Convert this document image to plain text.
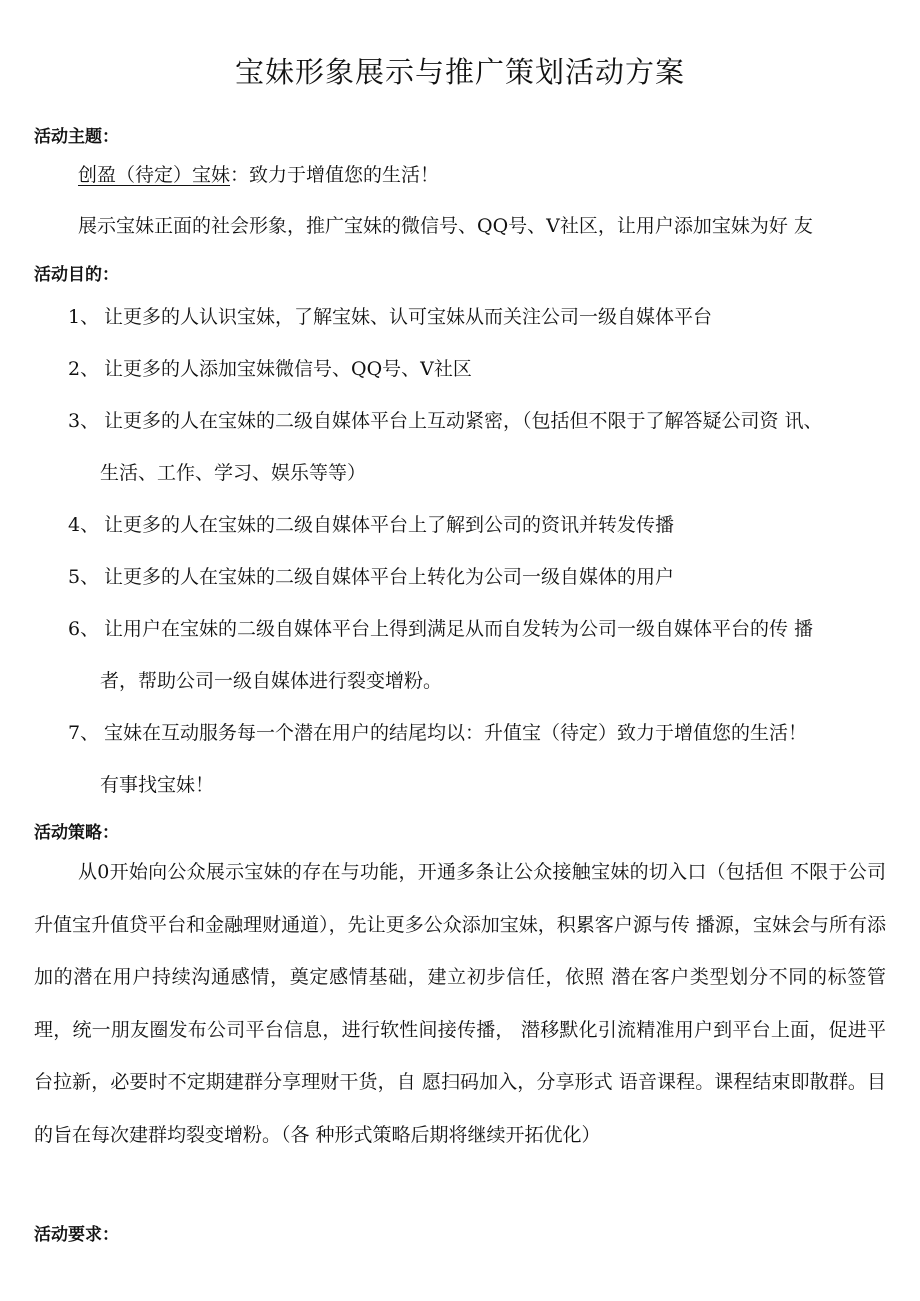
宝妹形象展示与推广策划活动方案
活动主题：
创盈（待定）宝妹：致力于增值您的生活！
展示宝妹正面的社会形象，推广宝妹的微信号、QQ号、V社区，让用户添加宝妹为好 友
活动目的：
1、 让更多的人认识宝妹，了解宝妹、认可宝妹从而关注公司一级自媒体平台
2、 让更多的人添加宝妹微信号、QQ号、V社区
3、 让更多的人在宝妹的二级自媒体平台上互动紧密，（包括但不限于了解答疑公司资 讯、
生活、工作、学习、娱乐等等）
4、 让更多的人在宝妹的二级自媒体平台上了解到公司的资讯并转发传播
5、 让更多的人在宝妹的二级自媒体平台上转化为公司一级自媒体的用户
6、 让用户在宝妹的二级自媒体平台上得到满足从而自发转为公司一级自媒体平台的传 播
者，帮助公司一级自媒体进行裂变增粉。
7、 宝妹在互动服务每一个潜在用户的结尾均以：升值宝（待定）致力于增值您的生活！
有事找宝妹！
活动策略：
从0开始向公众展示宝妹的存在与功能，开通多条让公众接触宝妹的切入口（包括但 不限于公司升值宝升值贷平台和金融理财通道），先让更多公众添加宝妹，积累客户源与传 播源，宝妹会与所有添加的潜在用户持续沟通感情，奠定感情基础，建立初步信任，依照 潜在客户类型划分不同的标签管理，统一朋友圈发布公司平台信息，进行软性间接传播， 潜移默化引流精准用户到平台上面，促进平台拉新，必要时不定期建群分享理财干货，自 愿扫码加入，分享形式 语音课程。课程结束即散群。目的旨在每次建群均裂变增粉。（各 种形式策略后期将继续开拓优化）
活动要求：
